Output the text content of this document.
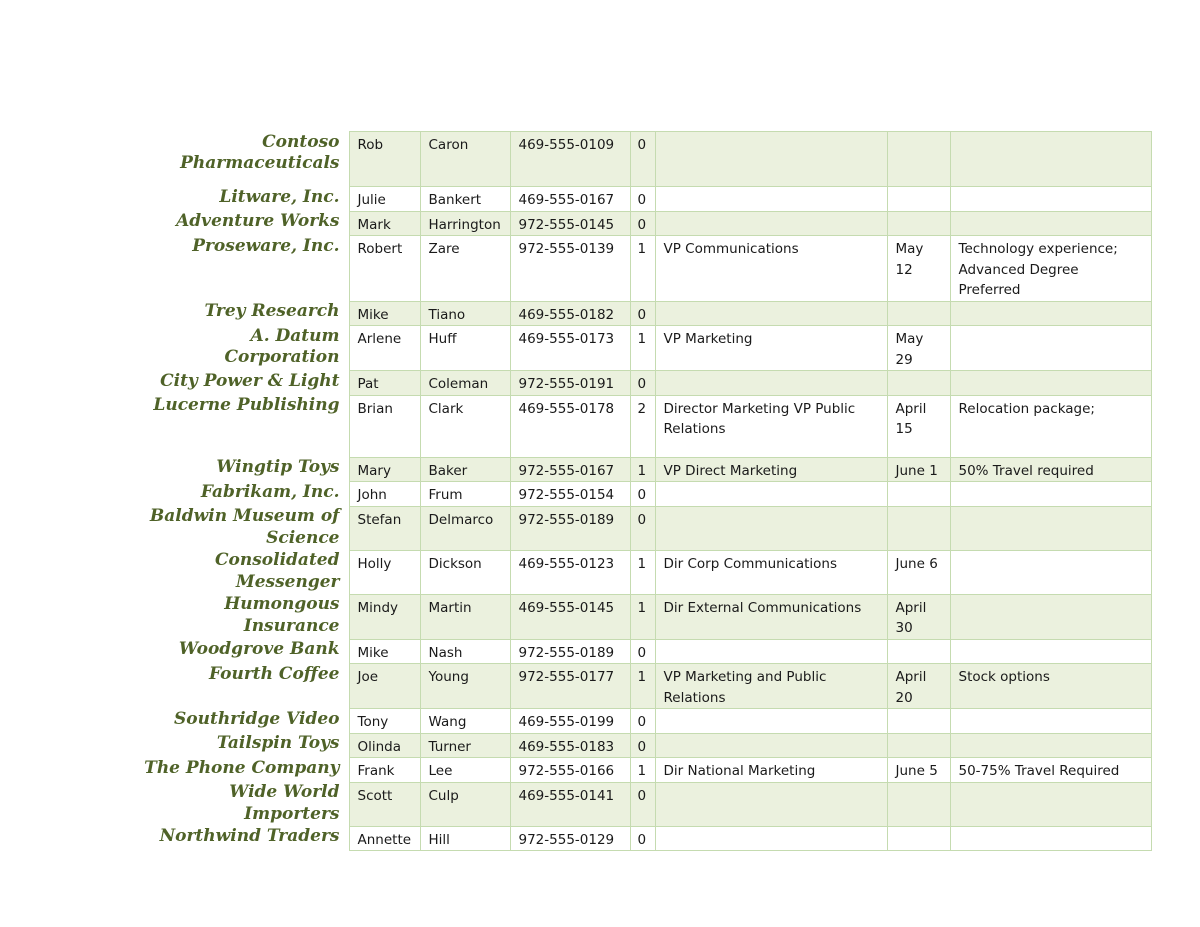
Contoso Pharmaceuticals	Rob	Caron	469-555-0109	0			
Litware, Inc.	Julie	Bankert	469-555-0167	0			
Adventure Works	Mark	Harrington	972-555-0145	0			
Proseware, Inc.	Robert	Zare	972-555-0139	1	VP Communications	May 12	Technology experience; Advanced Degree Preferred
Trey Research	Mike	Tiano	469-555-0182	0			
A. Datum Corporation	Arlene	Huff	469-555-0173	1	VP Marketing	May 29	
City Power & Light	Pat	Coleman	972-555-0191	0			
Lucerne Publishing	Brian	Clark	469-555-0178	2	Director Marketing VP Public Relations	April 15	Relocation package;
Wingtip Toys	Mary	Baker	972-555-0167	1	VP Direct Marketing	June 1	50% Travel required
Fabrikam, Inc.	John	Frum	972-555-0154	0			
Baldwin Museum of Science	Stefan	Delmarco	972-555-0189	0			
Consolidated Messenger	Holly	Dickson	469-555-0123	1	Dir Corp Communications	June 6	
Humongous Insurance	Mindy	Martin	469-555-0145	1	Dir External Communications	April 30	
Woodgrove Bank	Mike	Nash	972-555-0189	0			
Fourth Coffee	Joe	Young	972-555-0177	1	VP Marketing and Public Relations	April 20	Stock options
Southridge Video	Tony	Wang	469-555-0199	0			
Tailspin Toys	Olinda	Turner	469-555-0183	0			
The Phone Company	Frank	Lee	972-555-0166	1	Dir National Marketing	June 5	50-75% Travel Required
Wide World Importers	Scott	Culp	469-555-0141	0			
Northwind Traders	Annette	Hill	972-555-0129	0			
